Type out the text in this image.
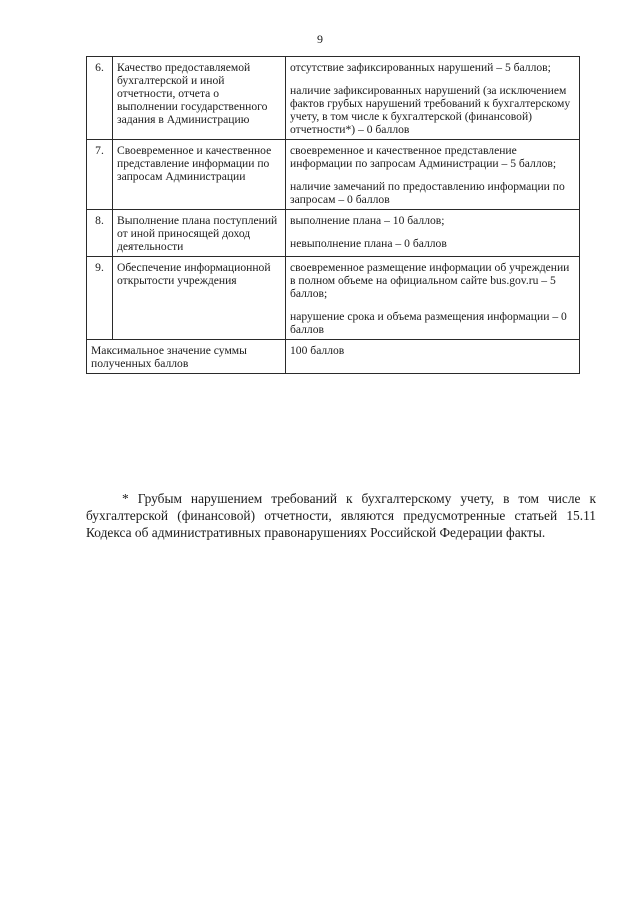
9
6.	Качество предоставляемой бухгалтерской и иной отчетности, отчета о выполнении государственного задания в Администрацию	отсутствие зафиксированных нарушений – 5 баллов;

наличие зафиксированных нарушений (за исключением фактов грубых нарушений требований к бухгалтерскому учету, в том числе к бухгалтерской (финансовой) отчетности*) – 0 баллов

7.	Своевременное и качественное представление информации по запросам Администрации	своевременное и качественное представление информации по запросам Администрации – 5 баллов;

наличие замечаний по предоставлению информации по запросам – 0 баллов

8.	Выполнение плана поступлений от иной приносящей доход деятельности	выполнение плана – 10 баллов;

невыполнение плана – 0 баллов

9.	Обеспечение информационной открытости учреждения	своевременное размещение информации об учреждении в полном объеме на официальном сайте bus.gov.ru – 5 баллов;

нарушение срока и объема размещения информации – 0 баллов

Максимальное значение суммы полученных баллов		100 баллов

* Грубым нарушением требований к бухгалтерскому учету, в том числе к бухгалтерской (финансовой) отчетности, являются предусмотренные статьей 15.11 Кодекса об административных правонарушениях Российской Федерации факты.
